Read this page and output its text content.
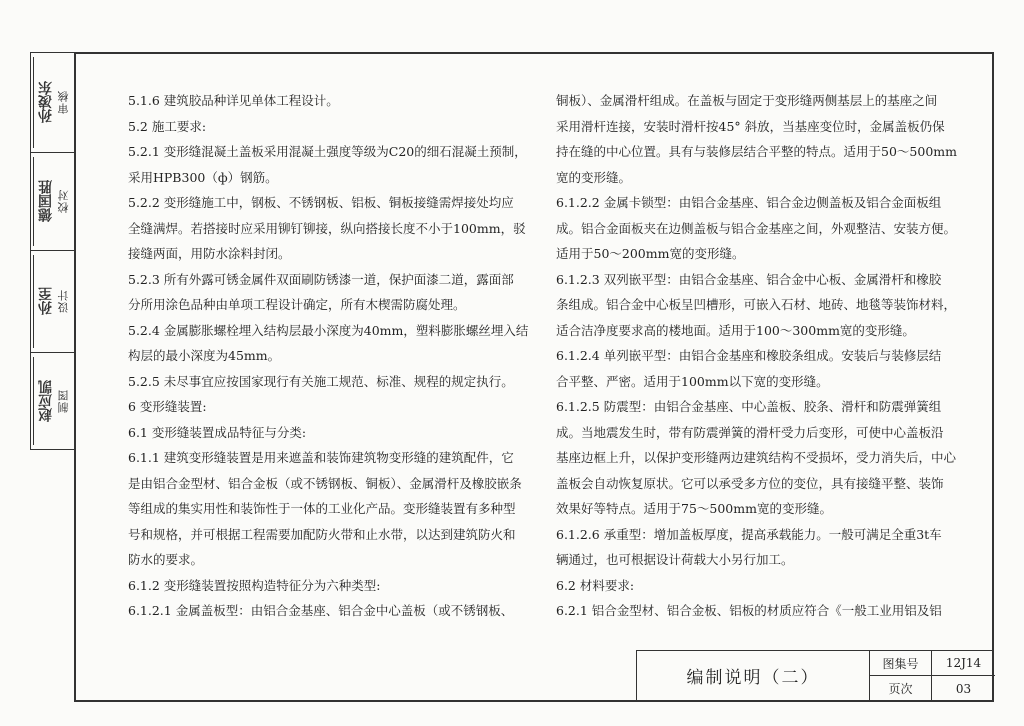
孙凌东 审核
德国胜 校对
孙至 设计
赵应凯 制图

5.1.6 建筑胶品种详见单体工程设计。

5.2 施工要求:

5.2.1 变形缝混凝土盖板采用混凝土强度等级为C20的细石混凝土预制，

采用HPB300（ф）钢筋。

5.2.2 变形缝施工中，钢板、不锈钢板、铝板、铜板接缝需焊接处均应

全缝满焊。若搭接时应采用铆钉铆接，纵向搭接长度不小于100mm，驳

接缝两面，用防水涂料封闭。

5.2.3 所有外露可锈金属件双面刷防锈漆一道，保护面漆二道，露面部

分所用涂色品种由单项工程设计确定，所有木楔需防腐处理。

5.2.4 金属膨胀螺栓埋入结构层最小深度为40mm，塑料膨胀螺丝埋入结

构层的最小深度为45mm。

5.2.5 未尽事宜应按国家现行有关施工规范、标准、规程的规定执行。

6 变形缝装置:

6.1 变形缝装置成品特征与分类:

6.1.1 建筑变形缝装置是用来遮盖和装饰建筑物变形缝的建筑配件，它

是由铝合金型材、铝合金板（或不锈钢板、铜板）、金属滑杆及橡胶嵌条

等组成的集实用性和装饰性于一体的工业化产品。变形缝装置有多种型

号和规格，并可根据工程需要加配防火带和止水带，以达到建筑防火和

防水的要求。

6.1.2 变形缝装置按照构造特征分为六种类型:

6.1.2.1 金属盖板型：由铝合金基座、铝合金中心盖板（或不锈钢板、

铜板）、金属滑杆组成。在盖板与固定于变形缝两侧基层上的基座之间

采用滑杆连接，安装时滑杆按45° 斜放，当基座变位时，金属盖板仍保

持在缝的中心位置。具有与装修层结合平整的特点。适用于50～500mm

宽的变形缝。

6.1.2.2 金属卡锁型：由铝合金基座、铝合金边侧盖板及铝合金面板组

成。铝合金面板夹在边侧盖板与铝合金基座之间，外观整洁、安装方便。

适用于50～200mm宽的变形缝。

6.1.2.3 双列嵌平型：由铝合金基座、铝合金中心板、金属滑杆和橡胶

条组成。铝合金中心板呈凹槽形，可嵌入石材、地砖、地毯等装饰材料，

适合洁净度要求高的楼地面。适用于100～300mm宽的变形缝。

6.1.2.4 单列嵌平型：由铝合金基座和橡胶条组成。安装后与装修层结

合平整、严密。适用于100mm以下宽的变形缝。

6.1.2.5 防震型：由铝合金基座、中心盖板、胶条、滑杆和防震弹簧组

成。当地震发生时，带有防震弹簧的滑杆受力后变形，可使中心盖板沿

基座边框上升，以保护变形缝两边建筑结构不受损坏，受力消失后，中心

盖板会自动恢复原状。它可以承受多方位的变位，具有接缝平整、装饰

效果好等特点。适用于75～500mm宽的变形缝。

6.1.2.6 承重型：增加盖板厚度，提高承载能力。一般可满足全重3t车

辆通过，也可根据设计荷载大小另行加工。

6.2 材料要求:

6.2.1 铝合金型材、铝合金板、铝板的材质应符合《一般工业用铝及铝

编制说明（二）
图集号	12J14
页次	03
